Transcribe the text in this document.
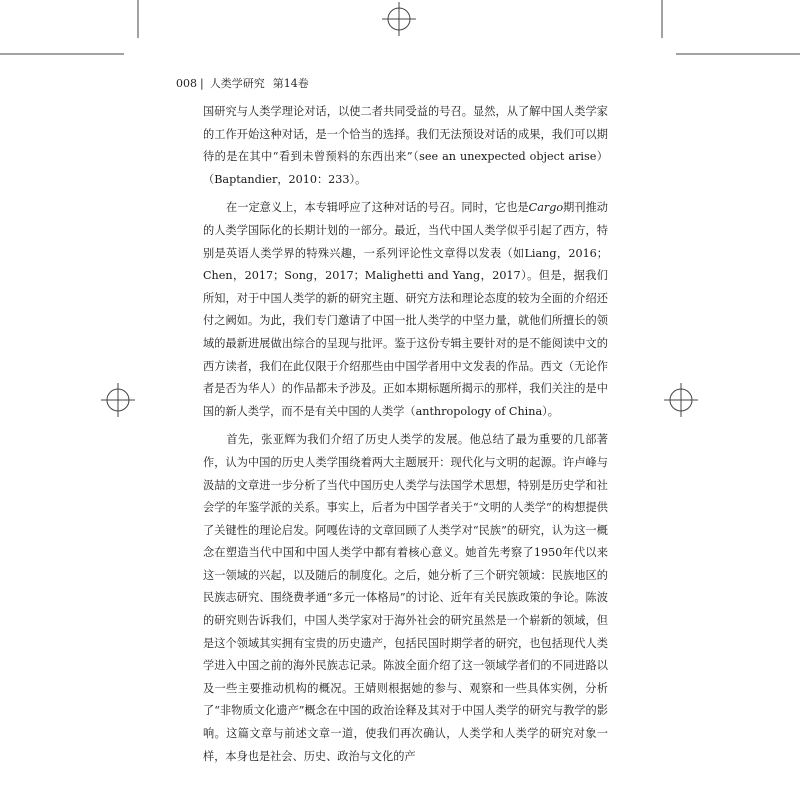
008 | 人类学研究 第14卷

国研究与人类学理论对话，以使二者共同受益的号召。显然，从了解中国人类学家的工作开始这种对话，是一个恰当的选择。我们无法预设对话的成果，我们可以期待的是在其中“看到未曾预料的东西出来”（see an unexpected object arise）（Baptandier，2010：233）。

在一定意义上，本专辑呼应了这种对话的号召。同时，它也是Cargo期刊推动的人类学国际化的长期计划的一部分。最近，当代中国人类学似乎引起了西方，特别是英语人类学界的特殊兴趣，一系列评论性文章得以发表（如Liang，2016；Chen，2017；Song，2017；Malighetti and Yang，2017）。但是，据我们所知，对于中国人类学的新的研究主题、研究方法和理论态度的较为全面的介绍还付之阙如。为此，我们专门邀请了中国一批人类学的中坚力量，就他们所擅长的领域的最新进展做出综合的呈现与批评。鉴于这份专辑主要针对的是不能阅读中文的西方读者，我们在此仅限于介绍那些由中国学者用中文发表的作品。西文（无论作者是否为华人）的作品都未予涉及。正如本期标题所揭示的那样，我们关注的是中国的新人类学，而不是有关中国的人类学（anthropology of China）。

首先，张亚辉为我们介绍了历史人类学的发展。他总结了最为重要的几部著作，认为中国的历史人类学围绕着两大主题展开：现代化与文明的起源。许卢峰与汲喆的文章进一步分析了当代中国历史人类学与法国学术思想，特别是历史学和社会学的年鉴学派的关系。事实上，后者为中国学者关于“文明的人类学”的构想提供了关键性的理论启发。阿嘎佐诗的文章回顾了人类学对“民族”的研究，认为这一概念在塑造当代中国和中国人类学中都有着核心意义。她首先考察了1950年代以来这一领域的兴起，以及随后的制度化。之后，她分析了三个研究领域：民族地区的民族志研究、围绕费孝通“多元一体格局”的讨论、近年有关民族政策的争论。陈波的研究则告诉我们，中国人类学家对于海外社会的研究虽然是一个崭新的领域，但是这个领域其实拥有宝贵的历史遗产，包括民国时期学者的研究，也包括现代人类学进入中国之前的海外民族志记录。陈波全面介绍了这一领域学者们的不同进路以及一些主要推动机构的概况。王婧则根据她的参与、观察和一些具体实例，分析了“非物质文化遗产”概念在中国的政治诠释及其对于中国人类学的研究与教学的影响。这篇文章与前述文章一道，使我们再次确认，人类学和人类学的研究对象一样，本身也是社会、历史、政治与文化的产
